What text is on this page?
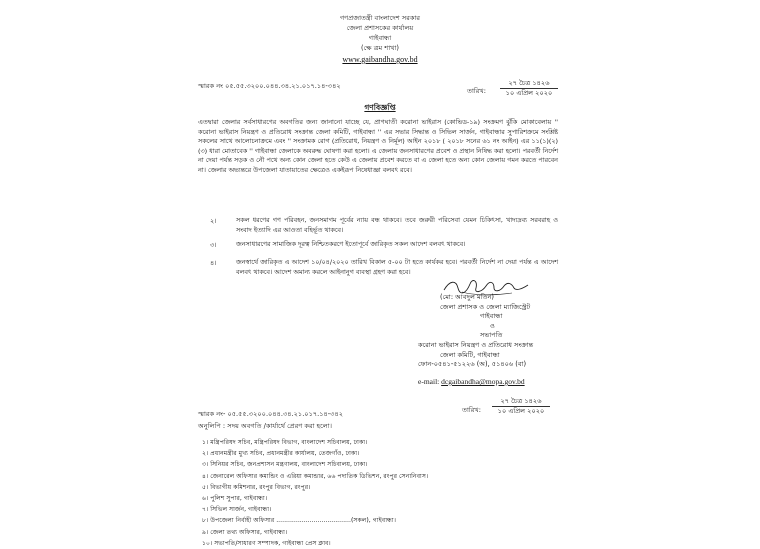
গণপ্রজাতন্ত্রী বাংলাদেশ সরকার
জেলা প্রশাসকের কার্যালয়
গাইবান্ধা
(ক্ষে ত্রম শাখা)
www.gaibandha.gov.bd
স্মারক নং ০৫.৫৫.৩২০০.০৪৪.৩৪.২১.০১৭.১৪-৩৪২
তারিখ:
২৭ চৈত্র ১৪২৬
১০ এপ্রিল ২০২০
গণবিজ্ঞপ্তি
এতদ্বারা জেলার সর্বসাধারণের অবগতির জন্য জানানো যাচ্ছে যে, প্রাণঘাতী করোনা ভাইরাস (কোভিড-১৯) সংক্রমণ ঝুঁকি মোকাবেলায় '' করোনা ভাইরাস নিয়ন্ত্রণ ও প্রতিরোধ সংক্রান্ত জেলা কমিটি, গাইবান্ধা '' এর সভার সিদ্ধান্ত ও সিভিল সার্জন, গাইবান্ধার সুপারিশক্রমে সংশ্লিষ্ট সকলের সাথে আলোচনাক্রমে এবং '' সংক্রামক রোগ (প্রতিরোধ, নিয়ন্ত্রণ ও নির্মূল) আইন ২০১৮ ( ২০১৮ সনের ৬১ নং আইন) এর ১১(১)(২)(৩) ধারা মোতাবেক '' গাইবান্ধা জেলাকে অবরুদ্ধ ঘোষণা করা হলো। এ জেলায় জনসাধারণের প্রবেশ ও প্রস্থান নিষিদ্ধ করা হলো। পরবর্তী নির্দেশ না দেয়া পর্যন্ত সড়ক ও নৌ পথে অন্য কোন জেলা হতে কেউ এ জেলায় প্রবেশ করতে বা এ জেলা হতে অন্য কোন জেলায় গমন করতে পারবেন না। জেলার অভ্যন্তরে উপজেলা যাতায়াতের ক্ষেত্রেও একইরূপ নিষেধাজ্ঞা বলবৎ রবে।
২।	সকল ধরণের গণ পরিবহন, জনসমাগম পূর্বের ন্যায় বন্ধ থাকবে। তবে জরুরী পরিসেবা যেমন চিকিৎসা, খাদ্যদ্রব্য সরবরাহ ও সংবাদ ইত্যাদি এর আওতা বহির্ভূত থাকবে।
৩।	জনসাধারণের সামাজিক দূরত্ব নিশ্চিতকরণে ইতোপূর্বে জারিকৃত সকল আদেশ বলবৎ থাকবে।
৪।	জনস্বার্থে জারিকৃত এ আদেশ ১০/০৪/২০২০ তারিখ বিকাল ৫-০০ টা হতে কার্যকর হবে। পরবর্তী নির্দেশ না দেয়া পর্যন্ত এ আদেশ বলবৎ থাকবে। আদেশ অমান্য করলে আইনানুগ ব্যবস্থা গ্রহণ করা হবে।
(মো: আবদুল মতিন)
জেলা প্রশাসক ও জেলা ম্যাজিস্ট্রেট
গাইবান্ধা
ও
সভাপতি
করোনা ভাইরাস নিয়ন্ত্রণ ও প্রতিরোধ সংক্রান্ত
জেলা কমিটি, গাইবান্ধা
ফোন-০৫৪১-৫১২২৬ (অ), ৫১৪০৬ (বা)
e-mail: dcgaibandha@mopa.gov.bd
স্মারক নং- ০৫.৫৫.৩২০০.০৪৪.৩৪.২১.০১৭.১৪-৩৪২	তারিখ:
২৭ চৈত্র ১৪২৬
১০ এপ্রিল ২০২০
অনুলিপি : সদয় অবগতি /কার্যার্থে প্রেরণ করা হলো।
১। মন্ত্রিপরিষদ সচিব, মন্ত্রিপরিষদ বিভাগ, বাংলাদেশ সচিবালয়, ঢাকা।
২। প্রধানমন্ত্রীর মুখ্য সচিব, প্রধানমন্ত্রীর কার্যালয়, তেজগাঁও, ঢাকা।
৩। সিনিয়র সচিব, জনপ্রশাসন মন্ত্রণালয়, বাংলাদেশ সচিবালয়, ঢাকা।
৪। জেনারেল অফিসার কমান্ডিং ও এরিয়া কমান্ডার, ৬৬ পদাতিক ডিভিশন, রংপুর সেনানিবাস।
৫। বিভাগীয় কমিশনার, রংপুর বিভাগ, রংপুর।
৬। পুলিশ সুপার, গাইবান্ধা।
৭। সিভিল সার্জন, গাইবান্ধা।
৮। উপজেলা নির্বাহী অফিসার ......................................(সকল), গাইবান্ধা।
৯। জেলা তথ্য অফিসার, গাইবান্ধা।
১০। সভাপতি/সাধারণ সম্পাদক, গাইবান্ধা প্রেস ক্লাব।
